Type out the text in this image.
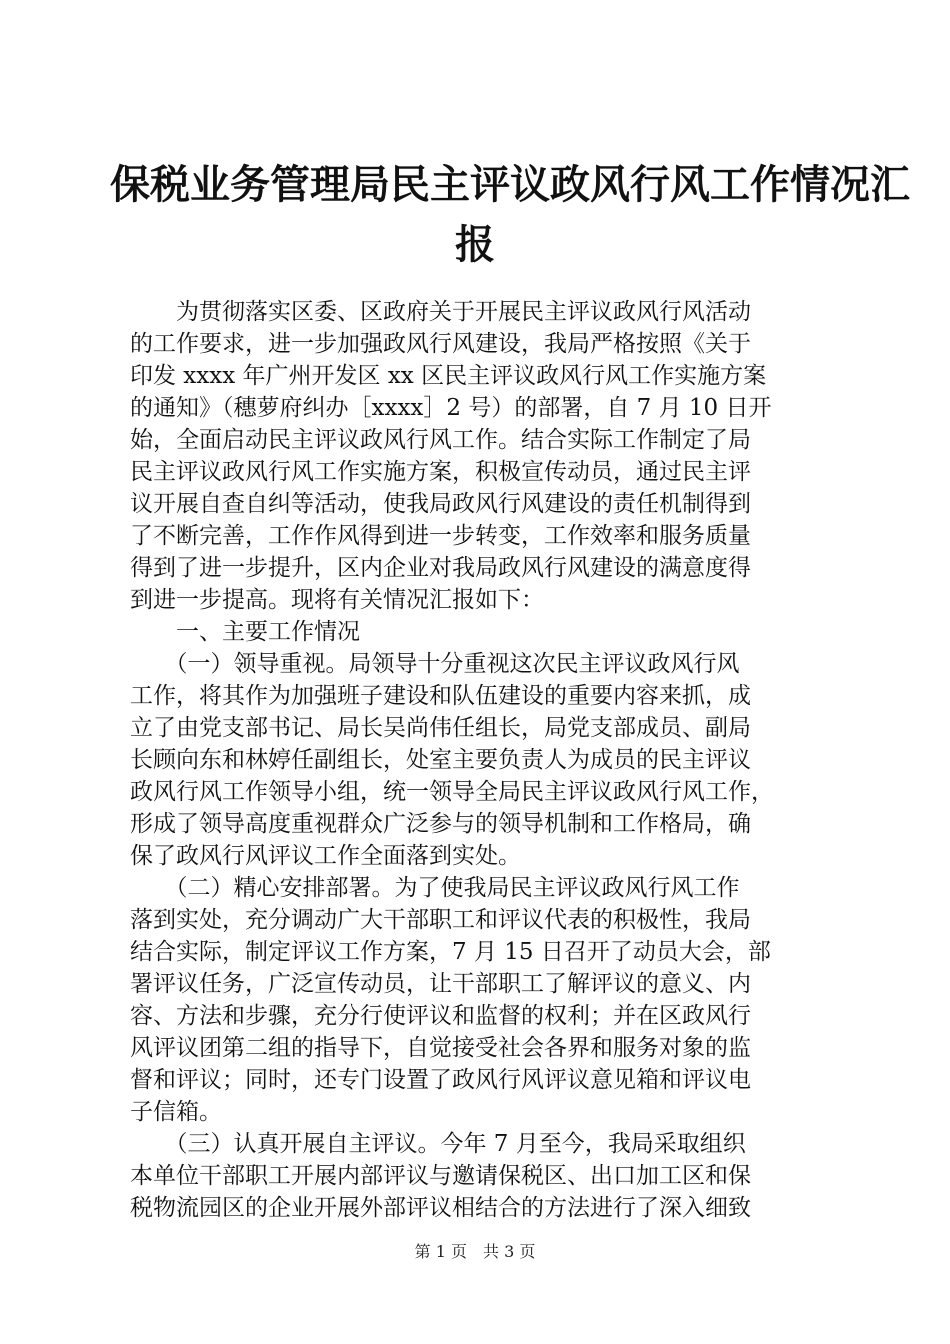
保税业务管理局民主评议政风行风工作情况汇
报
　　为贯彻落实区委、区政府关于开展民主评议政风行风活动
的工作要求，进一步加强政风行风建设，我局严格按照《关于
印发 xxxx 年广州开发区 xx 区民主评议政风行风工作实施方案
的通知》（穗萝府纠办［xxxx］2 号）的部署，自 7 月 10 日开
始，全面启动民主评议政风行风工作。结合实际工作制定了局
民主评议政风行风工作实施方案，积极宣传动员，通过民主评
议开展自查自纠等活动，使我局政风行风建设的责任机制得到
了不断完善，工作作风得到进一步转变，工作效率和服务质量
得到了进一步提升，区内企业对我局政风行风建设的满意度得
到进一步提高。现将有关情况汇报如下：
　　一、主要工作情况
　　（一）领导重视。局领导十分重视这次民主评议政风行风
工作，将其作为加强班子建设和队伍建设的重要内容来抓，成
立了由党支部书记、局长吴尚伟任组长，局党支部成员、副局
长顾向东和林婷任副组长，处室主要负责人为成员的民主评议
政风行风工作领导小组，统一领导全局民主评议政风行风工作，
形成了领导高度重视群众广泛参与的领导机制和工作格局，确
保了政风行风评议工作全面落到实处。
　　（二）精心安排部署。为了使我局民主评议政风行风工作
落到实处，充分调动广大干部职工和评议代表的积极性，我局
结合实际，制定评议工作方案，7 月 15 日召开了动员大会，部
署评议任务，广泛宣传动员，让干部职工了解评议的意义、内
容、方法和步骤，充分行使评议和监督的权利；并在区政风行
风评议团第二组的指导下，自觉接受社会各界和服务对象的监
督和评议；同时，还专门设置了政风行风评议意见箱和评议电
子信箱。
　　（三）认真开展自主评议。今年 7 月至今，我局采取组织
本单位干部职工开展内部评议与邀请保税区、出口加工区和保
税物流园区的企业开展外部评议相结合的方法进行了深入细致
第 1 页　共 3 页
